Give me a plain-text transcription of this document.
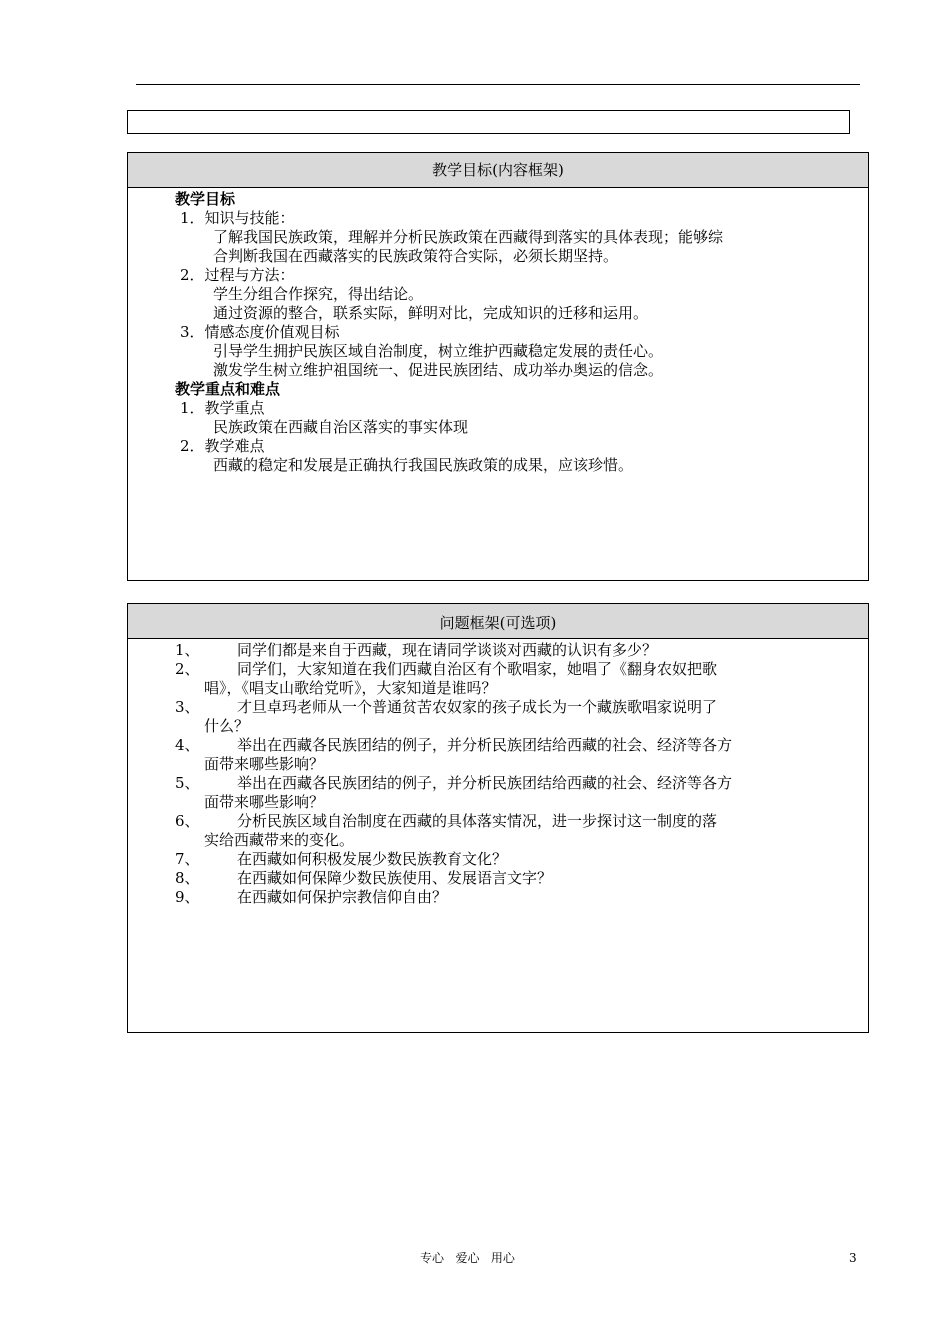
教学目标(内容框架)
教学目标
1．知识与技能：
了解我国民族政策，理解并分析民族政策在西藏得到落实的具体表现；能够综
合判断我国在西藏落实的民族政策符合实际，必须长期坚持。
2．过程与方法：
学生分组合作探究，得出结论。
通过资源的整合，联系实际，鲜明对比，完成知识的迁移和运用。
3．情感态度价值观目标
引导学生拥护民族区域自治制度，树立维护西藏稳定发展的责任心。
激发学生树立维护祖国统一、促进民族团结、成功举办奥运的信念。
教学重点和难点
1．教学重点
民族政策在西藏自治区落实的事实体现
2．教学难点
西藏的稳定和发展是正确执行我国民族政策的成果，应该珍惜。
问题框架(可选项)
1、 同学们都是来自于西藏，现在请同学谈谈对西藏的认识有多少？
2、 同学们，大家知道在我们西藏自治区有个歌唱家，她唱了《翻身农奴把歌
唱》，《唱支山歌给党听》，大家知道是谁吗？
3、 才旦卓玛老师从一个普通贫苦农奴家的孩子成长为一个藏族歌唱家说明了
什么？
4、 举出在西藏各民族团结的例子，并分析民族团结给西藏的社会、经济等各方
面带来哪些影响？
5、 举出在西藏各民族团结的例子，并分析民族团结给西藏的社会、经济等各方
面带来哪些影响？
6、 分析民族区域自治制度在西藏的具体落实情况，进一步探讨这一制度的落
实给西藏带来的变化。
7、 在西藏如何积极发展少数民族教育文化？
8、 在西藏如何保障少数民族使用、发展语言文字？
9、 在西藏如何保护宗教信仰自由？
专心   爱心   用心	3
